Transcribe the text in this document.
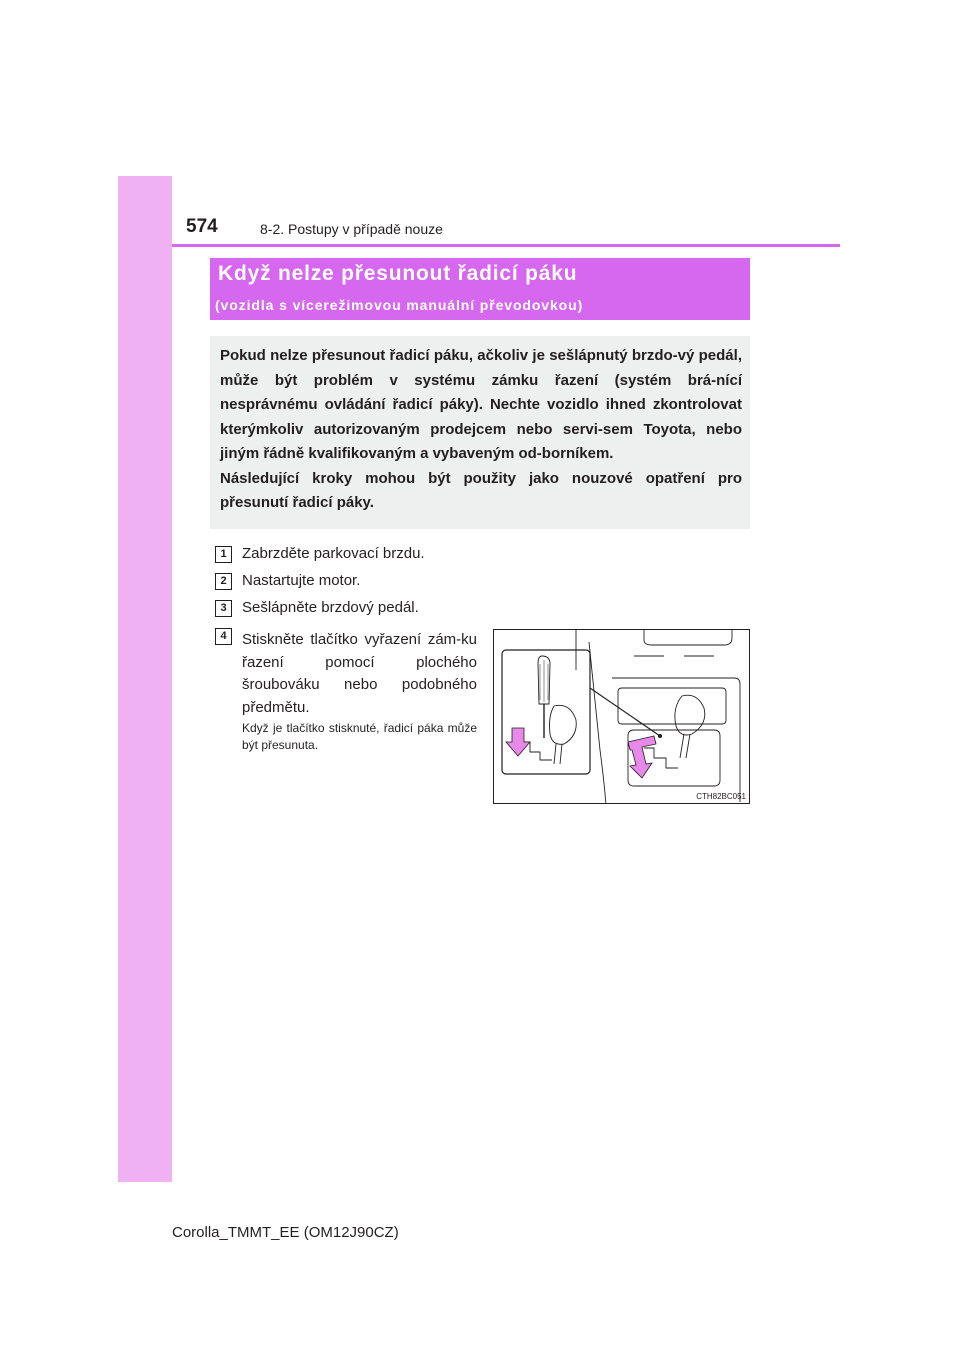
574	8-2. Postupy v případě nouze
Když nelze přesunout řadicí páku
(vozidla s vícerežimovou manuální převodovkou)

Pokud nelze přesunout řadicí páku, ačkoliv je sešlápnutý brzdo-vý pedál, může být problém v systému zámku řazení (systém brá-nící nesprávnému ovládání řadicí páky). Nechte vozidlo ihned zkontrolovat kterýmkoliv autorizovaným prodejcem nebo servi-sem Toyota, nebo jiným řádně kvalifikovaným a vybaveným od-borníkem.

Následující kroky mohou být použity jako nouzové opatření pro přesunutí řadicí páky.

1	Zabrzděte parkovací brzdu.
2	Nastartujte motor.
3	Sešlápněte brzdový pedál.
4	Stiskněte tlačítko vyřazení zám-ku řazení pomocí plochého šroubováku nebo podobného předmětu.

Když je tlačítko stisknuté, řadicí páka může být přesunuta.

CTH82BC051
Corolla_TMMT_EE (OM12J90CZ)
